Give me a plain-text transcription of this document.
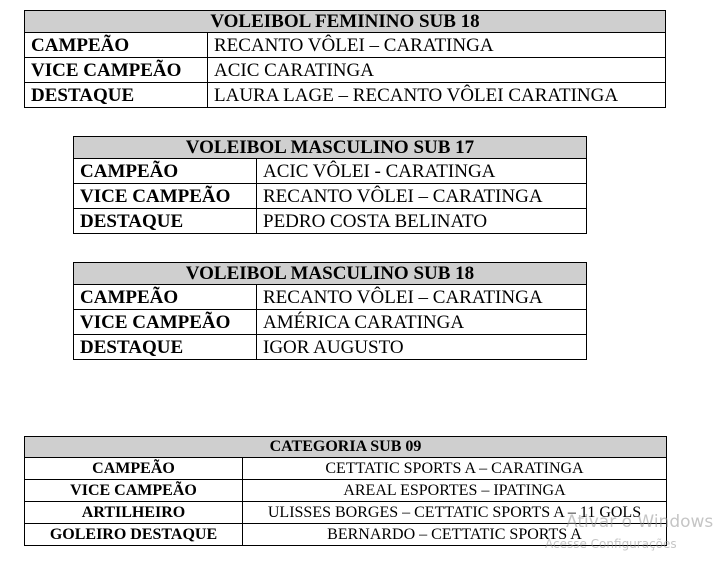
VOLEIBOL FEMININO SUB 18	
CAMPEÃO	RECANTO VÔLEI – CARATINGA
VICE CAMPEÃO	ACIC CARATINGA
DESTAQUE	LAURA LAGE – RECANTO VÔLEI CARATINGA
VOLEIBOL MASCULINO SUB 17	
CAMPEÃO	ACIC VÔLEI - CARATINGA
VICE CAMPEÃO	RECANTO VÔLEI – CARATINGA
DESTAQUE	PEDRO COSTA BELINATO
VOLEIBOL MASCULINO SUB 18	
CAMPEÃO	RECANTO VÔLEI – CARATINGA
VICE CAMPEÃO	AMÉRICA CARATINGA
DESTAQUE	IGOR AUGUSTO
CATEGORIA SUB 09	
CAMPEÃO	CETTATIC SPORTS A – CARATINGA
VICE CAMPEÃO	AREAL ESPORTES – IPATINGA
ARTILHEIRO	ULISSES BORGES – CETTATIC SPORTS A – 11 GOLS
GOLEIRO DESTAQUE	BERNARDO – CETTATIC SPORTS A
Ativar o Windows
Acesse Configurações
